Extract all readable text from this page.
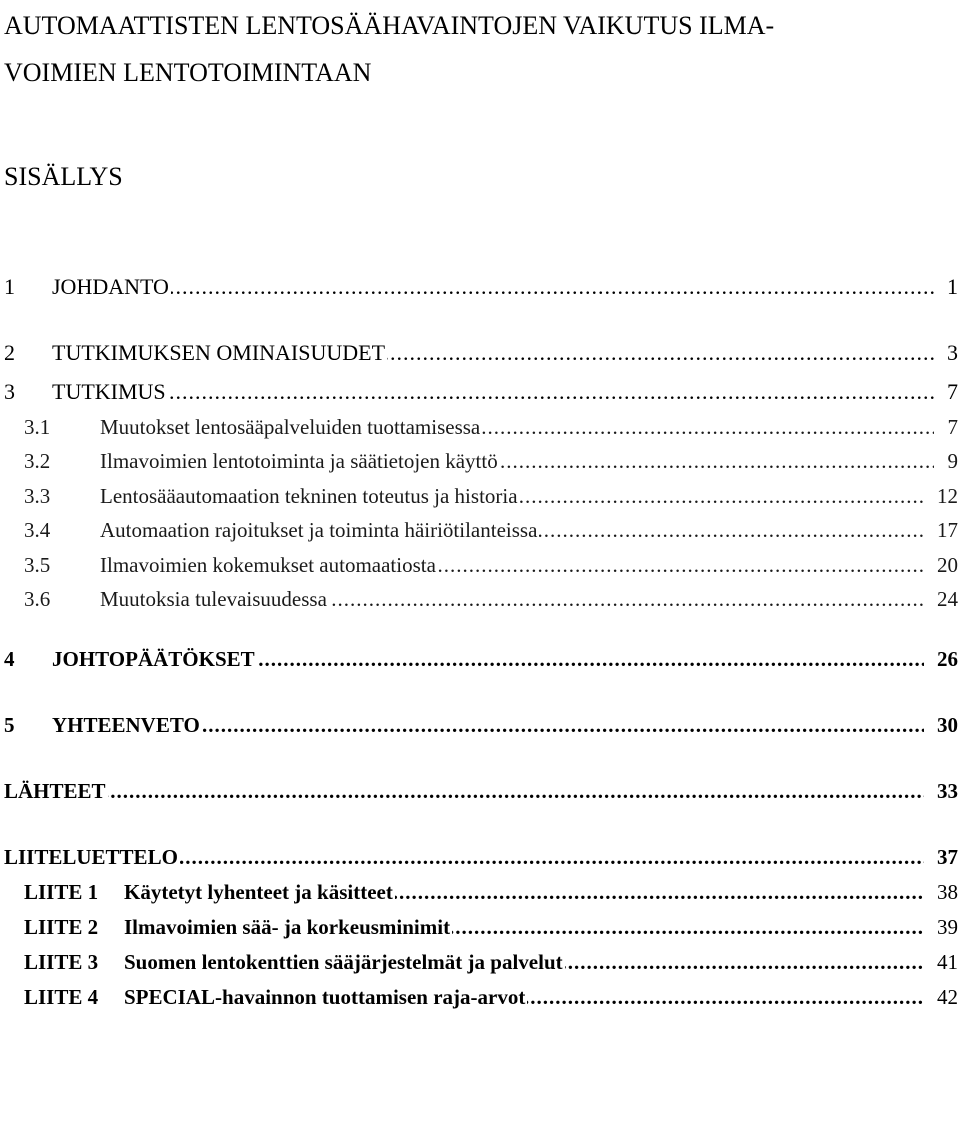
AUTOMAATTISTEN LENTOSÄÄHAVAINTOJEN VAIKUTUS ILMA-
VOIMIEN LENTOTOIMINTAAN
SISÄLLYS
1 ..... JOHDANTO	1
2 ..... TUTKIMUKSEN OMINAISUUDET	3
3 ..... TUTKIMUS	7
3.1 ..... Muutokset lentosääpalveluiden tuottamisessa	7
3.2 ..... Ilmavoimien lentotoiminta ja säätietojen käyttö	9
3.3 ..... Lentosääautomaation tekninen toteutus ja historia	12
3.4 ..... Automaation rajoitukset ja toiminta häiriötilanteissa	17
3.5 ..... Ilmavoimien kokemukset automaatiosta	20
3.6 ..... Muutoksia tulevaisuudessa	24
4 ..... JOHTOPÄÄTÖKSET	26
5 ..... YHTEENVETO	30
.....
LÄHTEET	33
.....
LIITELUETTELO	37
LIITE 1 ..... Käytetyt lyhenteet ja käsitteet	38
LIITE 2 ..... Ilmavoimien sää- ja korkeusminimit	39
LIITE 3 ..... Suomen lentokenttien sääjärjestelmät ja palvelut	41
LIITE 4 ..... SPECIAL-havainnon tuottamisen raja-arvot	42
